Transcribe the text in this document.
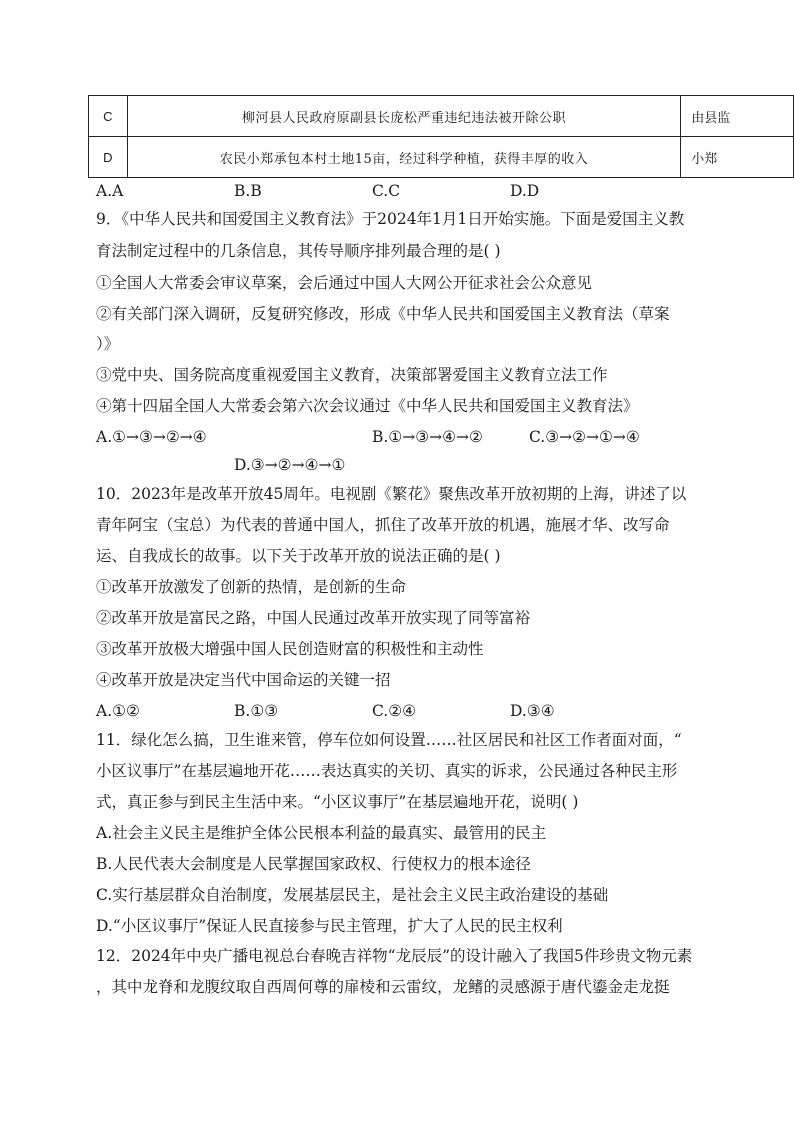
C	柳河县人民政府原副县长庞松严重违纪违法被开除公职	由县监
D	农民小郑承包本村土地15亩，经过科学种植，获得丰厚的收入	小郑
A.A	B.B	C.C	D.D
9．《中华人民共和国爱国主义教育法》于2024年1月1日开始实施。下面是爱国主义教
育法制定过程中的几条信息，其传导顺序排列最合理的是( )
①全国人大常委会审议草案，会后通过中国人大网公开征求社会公众意见
②有关部门深入调研，反复研究修改，形成《中华人民共和国爱国主义教育法（草案
）》
③党中央、国务院高度重视爱国主义教育，决策部署爱国主义教育立法工作
④第十四届全国人大常委会第六次会议通过《中华人民共和国爱国主义教育法》
A.①→③→②→④	B.①→③→④→②	C.③→②→①→④
D.③→②→④→①
10．2023年是改革开放45周年。电视剧《繁花》聚焦改革开放初期的上海，讲述了以
青年阿宝（宝总）为代表的普通中国人，抓住了改革开放的机遇，施展才华、改写命
运、自我成长的故事。以下关于改革开放的说法正确的是( )
①改革开放激发了创新的热情，是创新的生命
②改革开放是富民之路，中国人民通过改革开放实现了同等富裕
③改革开放极大增强中国人民创造财富的积极性和主动性
④改革开放是决定当代中国命运的关键一招
A.①②	B.①③	C.②④	D.③④
11．绿化怎么搞，卫生谁来管，停车位如何设置……社区居民和社区工作者面对面，“
小区议事厅”在基层遍地开花……表达真实的关切、真实的诉求，公民通过各种民主形
式，真正参与到民主生活中来。“小区议事厅”在基层遍地开花，说明( )
A.社会主义民主是维护全体公民根本利益的最真实、最管用的民主
B.人民代表大会制度是人民掌握国家政权、行使权力的根本途径
C.实行基层群众自治制度，发展基层民主，是社会主义民主政治建设的基础
D.“小区议事厅”保证人民直接参与民主管理，扩大了人民的民主权利
12．2024年中央广播电视总台春晚吉祥物“龙辰辰”的设计融入了我国5件珍贵文物元素
，其中龙脊和龙腹纹取自西周何尊的扉棱和云雷纹，龙鳍的灵感源于唐代鎏金走龙挺
